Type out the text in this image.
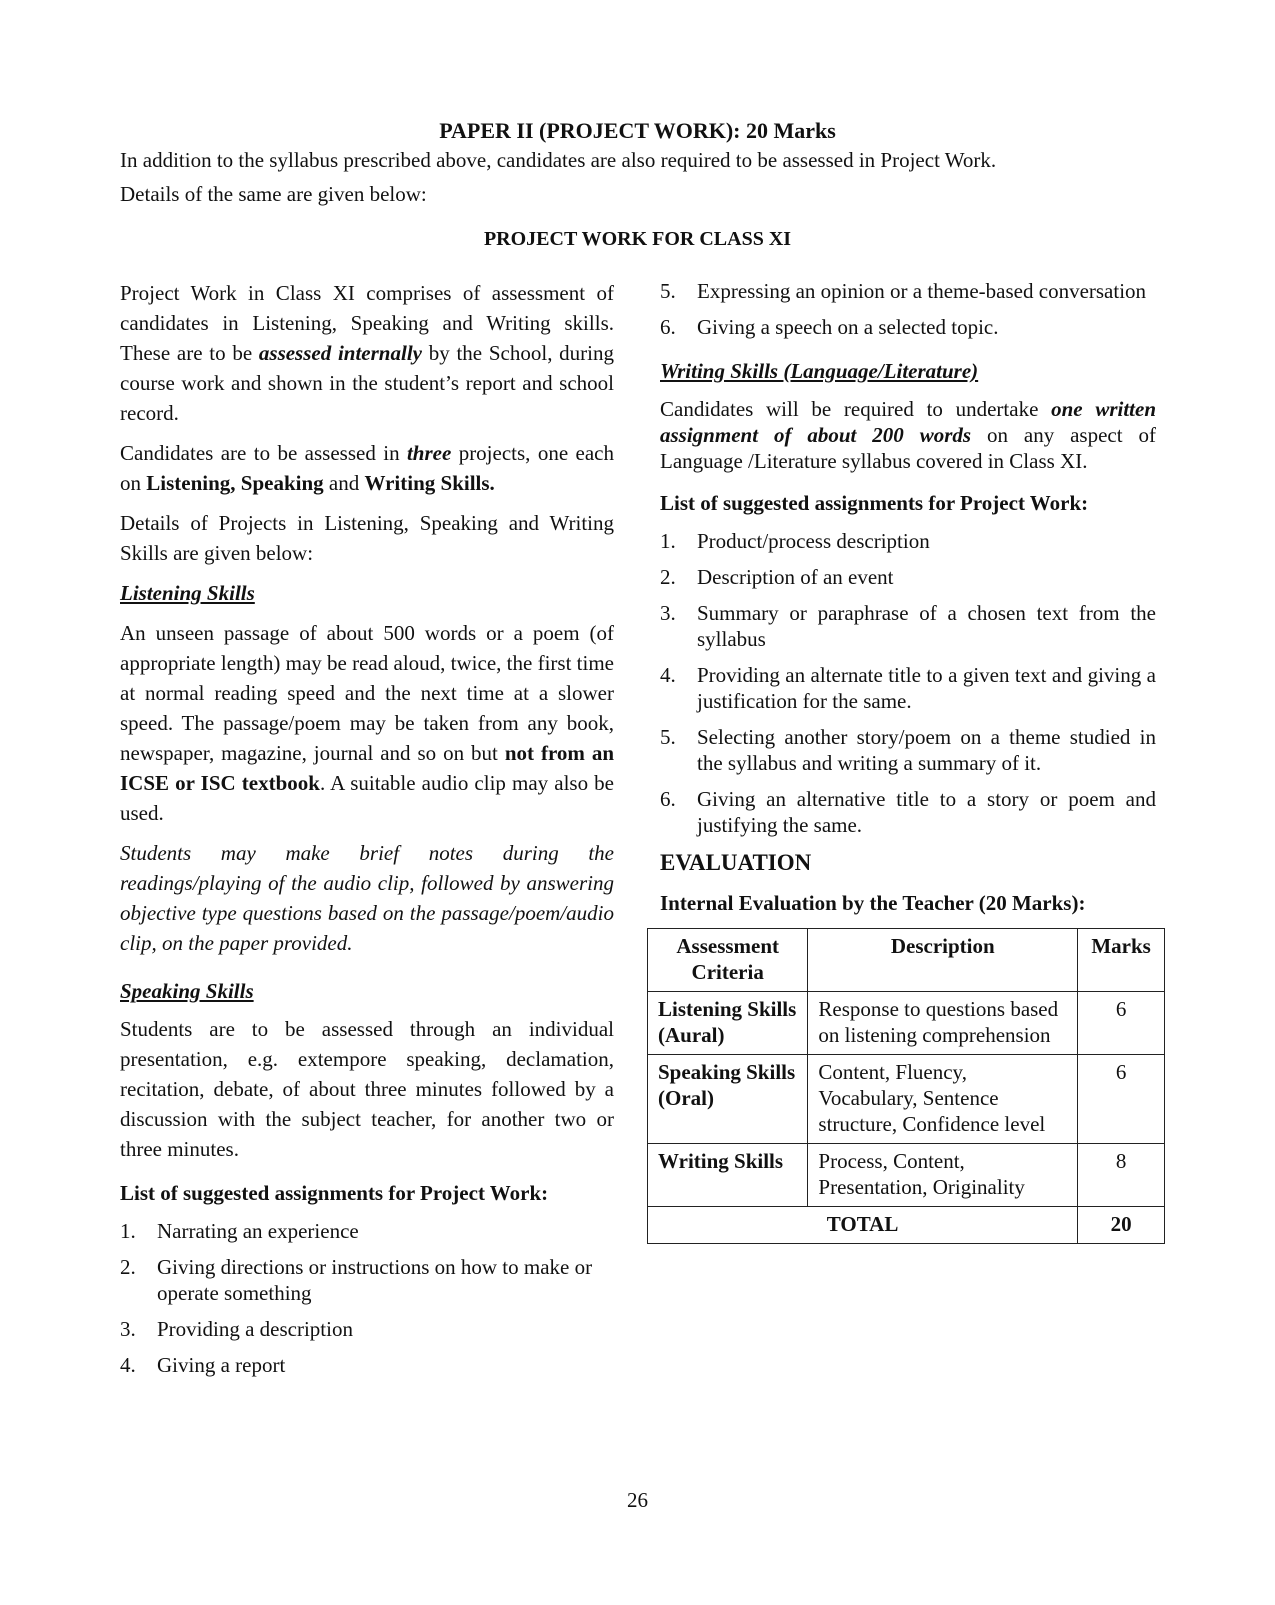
PAPER II (PROJECT WORK): 20 Marks
In addition to the syllabus prescribed above, candidates are also required to be assessed in Project Work.
Details of the same are given below:
PROJECT WORK FOR CLASS XI

Project Work in Class XI comprises of assessment of candidates in Listening, Speaking and Writing skills. These are to be assessed internally by the School, during course work and shown in the student’s report and school record.

Candidates are to be assessed in three projects, one each on Listening, Speaking and Writing Skills.

Details of Projects in Listening, Speaking and Writing Skills are given below:

Listening Skills

An unseen passage of about 500 words or a poem (of appropriate length) may be read aloud, twice, the first time at normal reading speed and the next time at a slower speed. The passage/poem may be taken from any book, newspaper, magazine, journal and so on but not from an ICSE or ISC textbook. A suitable audio clip may also be used.

Students may make brief notes during the readings/playing of the audio clip, followed by answering objective type questions based on the passage/poem/audio clip, on the paper provided.

Speaking Skills

Students are to be assessed through an individual presentation, e.g. extempore speaking, declamation, recitation, debate, of about three minutes followed by a discussion with the subject teacher, for another two or three minutes.

List of suggested assignments for Project Work:

1.	Narrating an experience
2.	Giving directions or instructions on how to make or operate something
3.	Providing a description
4.	Giving a report
5.	Expressing an opinion or a theme-based conversation
6.	Giving a speech on a selected topic.

Writing Skills (Language/Literature)

Candidates will be required to undertake one written assignment of about 200 words on any aspect of Language /Literature syllabus covered in Class XI.

List of suggested assignments for Project Work:

1.	Product/process description
2.	Description of an event
3.	Summary or paraphrase of a chosen text from the syllabus
4.	Providing an alternate title to a given text and giving a justification for the same.
5.	Selecting another story/poem on a theme studied in the syllabus and writing a summary of it.
6.	Giving an alternative title to a story or poem and justifying the same.

EVALUATION

Internal Evaluation by the Teacher (20 Marks):

Assessment Criteria	Description	Marks
Listening Skills (Aural)	Response to questions based on listening comprehension	6
Speaking Skills (Oral)	Content, Fluency, Vocabulary, Sentence structure, Confidence level	6
Writing Skills	Process, Content, Presentation, Originality	8
TOTAL		20
26
